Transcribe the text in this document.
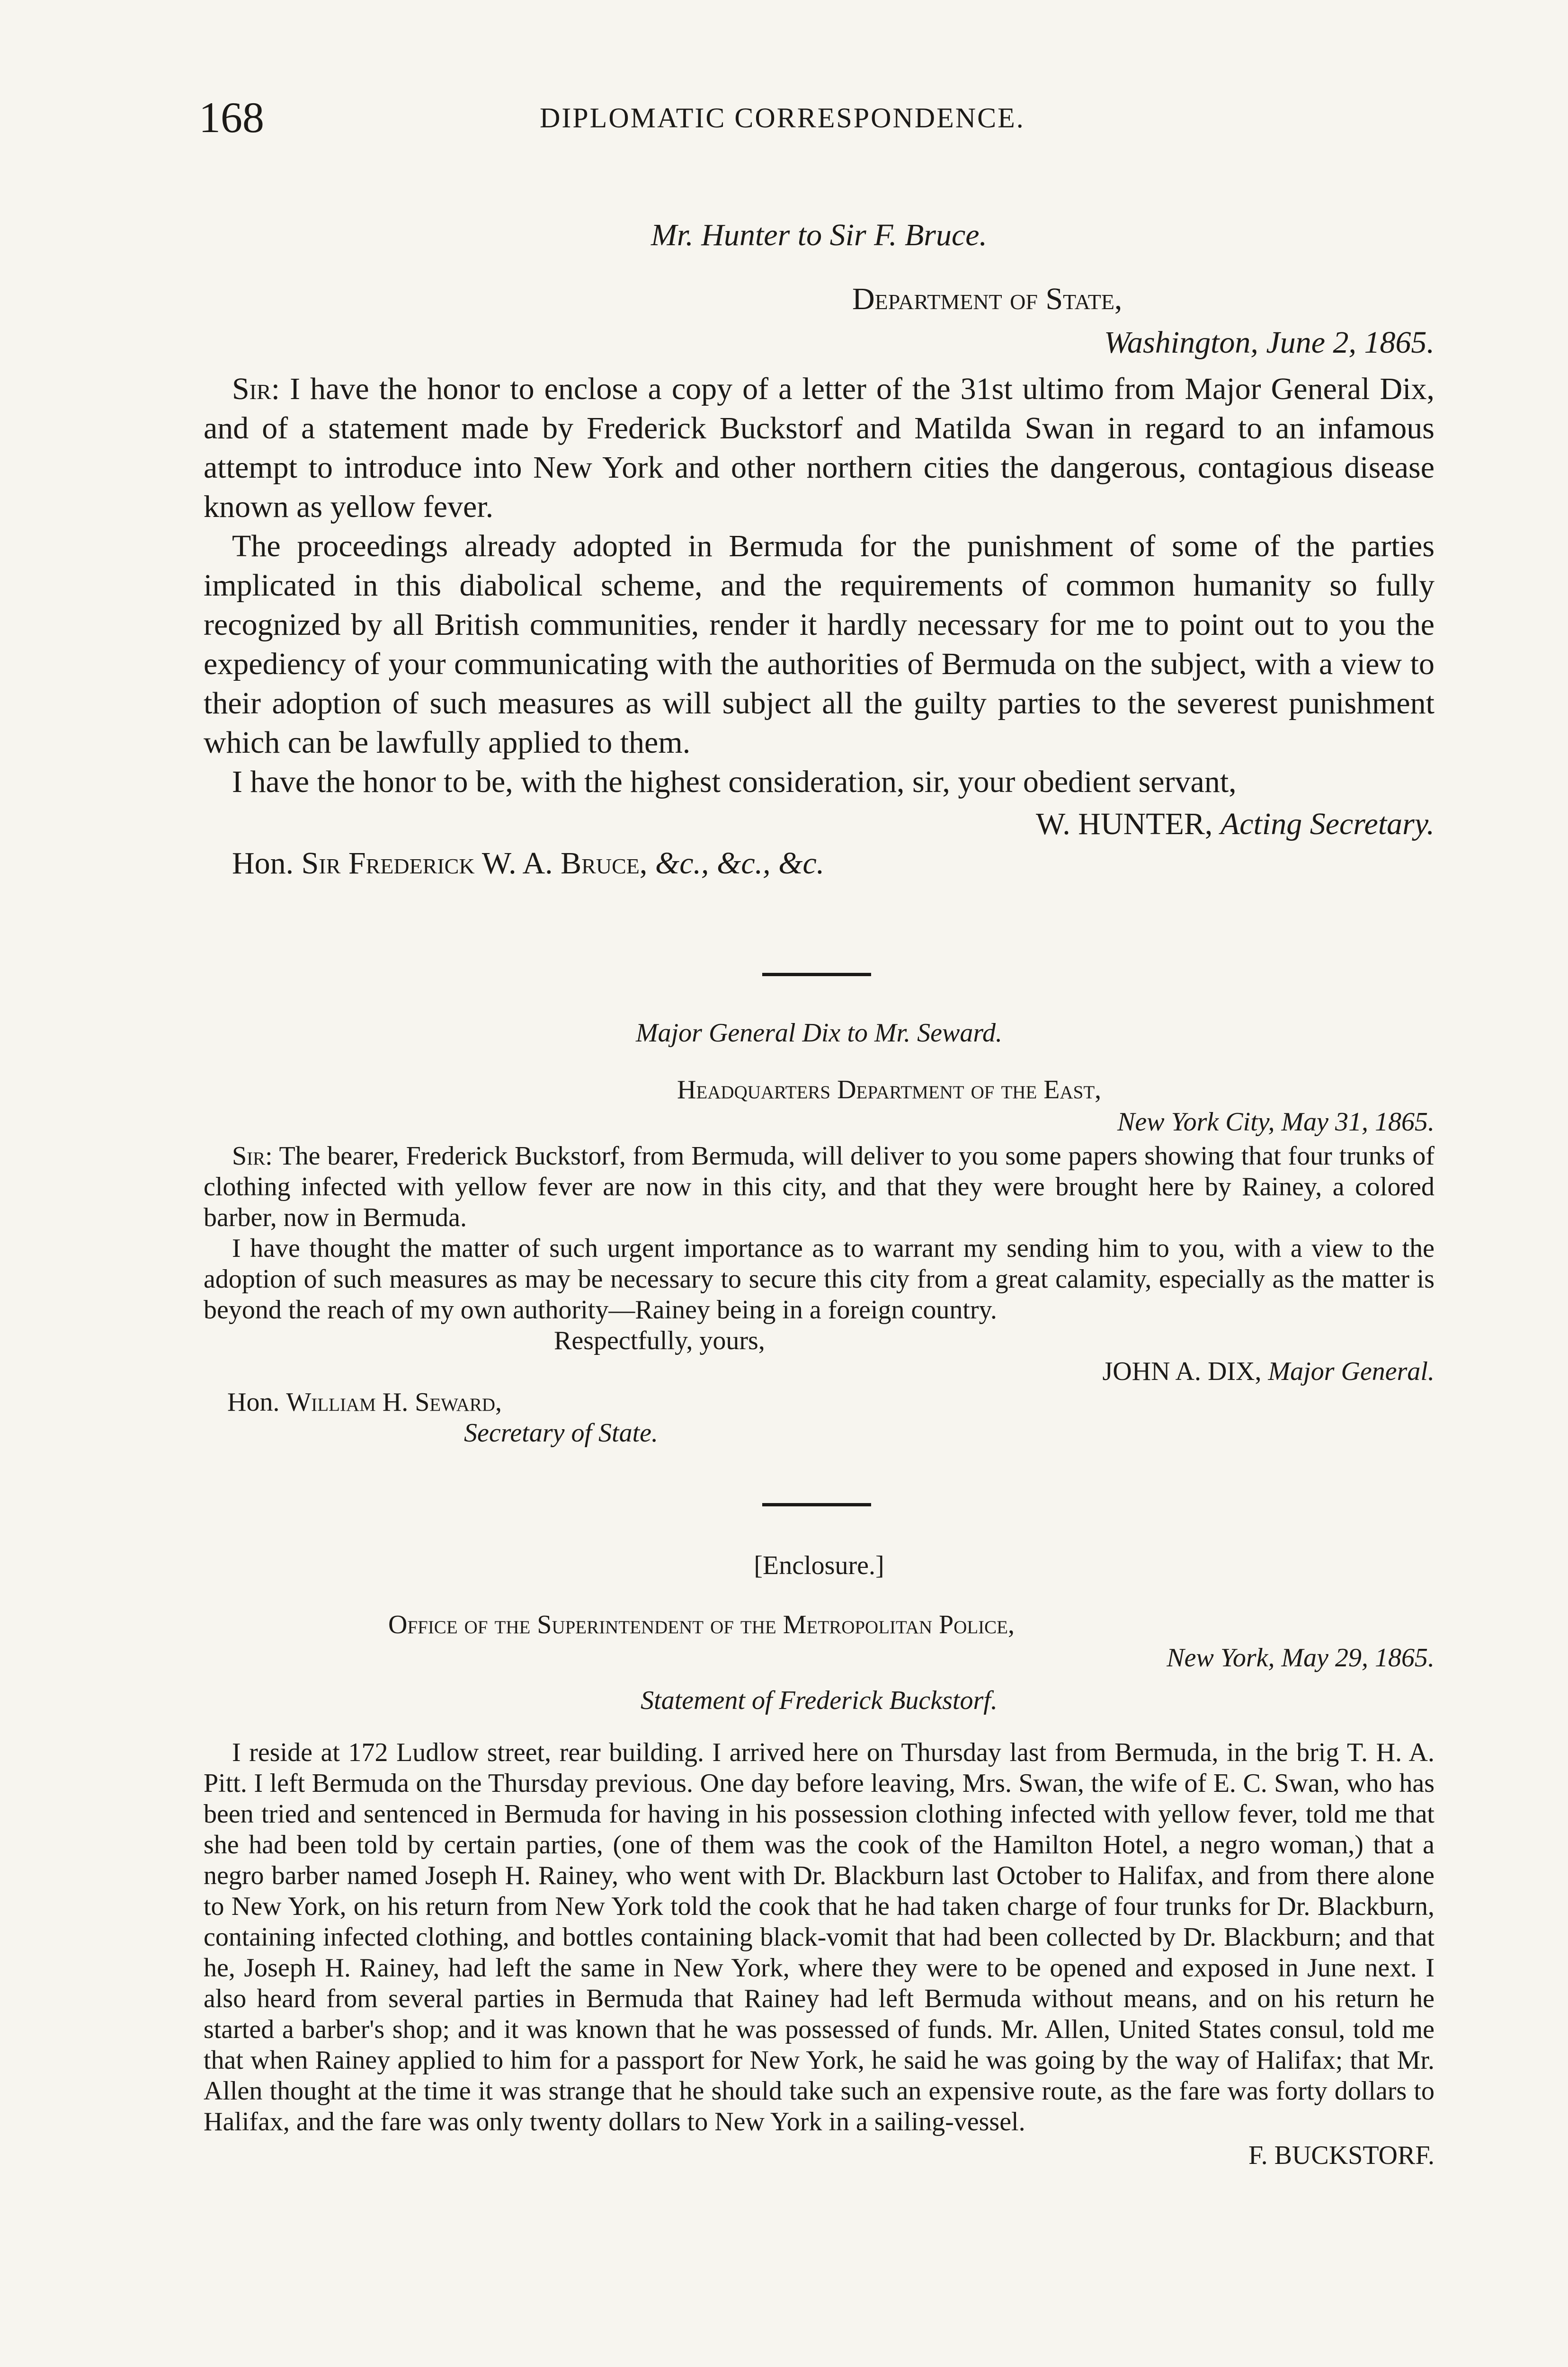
168	DIPLOMATIC CORRESPONDENCE.
Mr. Hunter to Sir F. Bruce.
Department of State,
Washington, June 2, 1865.

Sir: I have the honor to enclose a copy of a letter of the 31st ultimo from Major General Dix, and of a statement made by Frederick Buckstorf and Matilda Swan in regard to an infamous attempt to introduce into New York and other northern cities the dangerous, contagious disease known as yellow fever.

The proceedings already adopted in Bermuda for the punishment of some of the parties implicated in this diabolical scheme, and the requirements of common humanity so fully recognized by all British communities, render it hardly necessary for me to point out to you the expediency of your communicating with the authorities of Bermuda on the subject, with a view to their adoption of such measures as will subject all the guilty parties to the severest punishment which can be lawfully applied to them.

I have the honor to be, with the highest consideration, sir, your obedient servant,

W. HUNTER, Acting Secretary.
Hon. Sir Frederick W. A. Bruce, &c., &c., &c.
Major General Dix to Mr. Seward.
Headquarters Department of the East,
New York City, May 31, 1865.

Sir: The bearer, Frederick Buckstorf, from Bermuda, will deliver to you some papers showing that four trunks of clothing infected with yellow fever are now in this city, and that they were brought here by Rainey, a colored barber, now in Bermuda.

I have thought the matter of such urgent importance as to warrant my sending him to you, with a view to the adoption of such measures as may be necessary to secure this city from a great calamity, especially as the matter is beyond the reach of my own authority—Rainey being in a foreign country.

Respectfully, yours,
JOHN A. DIX, Major General.
Hon. William H. Seward,
Secretary of State.
[Enclosure.]
Office of the Superintendent of the Metropolitan Police,
New York, May 29, 1865.
Statement of Frederick Buckstorf.

I reside at 172 Ludlow street, rear building. I arrived here on Thursday last from Bermuda, in the brig T. H. A. Pitt. I left Bermuda on the Thursday previous. One day before leaving, Mrs. Swan, the wife of E. C. Swan, who has been tried and sentenced in Bermuda for having in his possession clothing infected with yellow fever, told me that she had been told by certain parties, (one of them was the cook of the Hamilton Hotel, a negro woman,) that a negro barber named Joseph H. Rainey, who went with Dr. Blackburn last October to Halifax, and from there alone to New York, on his return from New York told the cook that he had taken charge of four trunks for Dr. Blackburn, containing infected clothing, and bottles containing black-vomit that had been collected by Dr. Blackburn; and that he, Joseph H. Rainey, had left the same in New York, where they were to be opened and exposed in June next. I also heard from several parties in Bermuda that Rainey had left Bermuda without means, and on his return he started a barber's shop; and it was known that he was possessed of funds. Mr. Allen, United States consul, told me that when Rainey applied to him for a passport for New York, he said he was going by the way of Halifax; that Mr. Allen thought at the time it was strange that he should take such an expensive route, as the fare was forty dollars to Halifax, and the fare was only twenty dollars to New York in a sailing-vessel.

F. BUCKSTORF.
